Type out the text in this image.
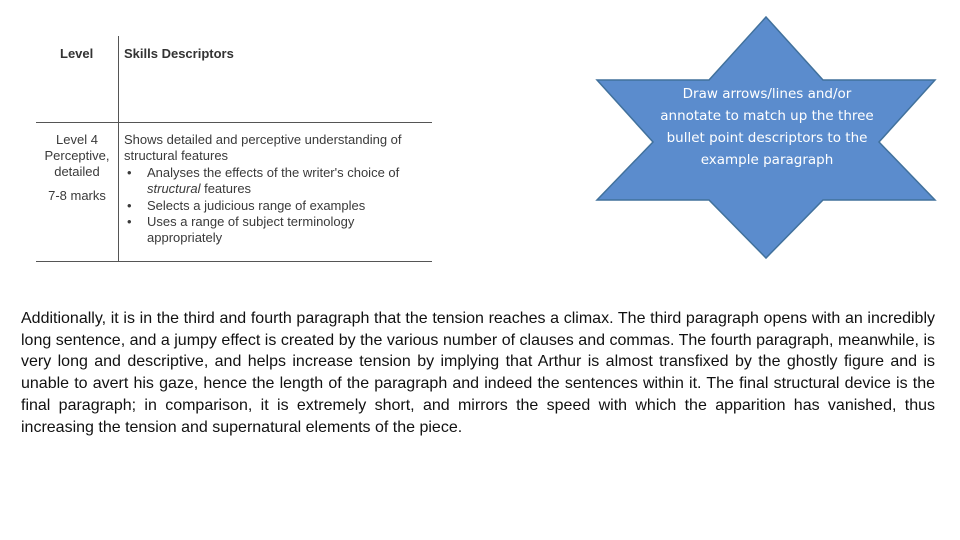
Level Skills Descriptors
Level 4
Perceptive,
detailed
7-8 marks
Shows detailed and perceptive understanding of structural features
• Analyses the effects of the writer's choice of structural features
• Selects a judicious range of examples
• Uses a range of subject terminology appropriately
Draw arrows/lines and/or annotate to match up the three bullet point descriptors to the example paragraph

Additionally, it is in the third and fourth paragraph that the tension reaches a climax. The third paragraph opens with an incredibly long sentence, and a jumpy effect is created by the various number of clauses and commas. The fourth paragraph, meanwhile, is very long and descriptive, and helps increase tension by implying that Arthur is almost transfixed by the ghostly figure and is unable to avert his gaze, hence the length of the paragraph and indeed the sentences within it. The final structural device is the final paragraph; in comparison, it is extremely short, and mirrors the speed with which the apparition has vanished, thus increasing the tension and supernatural elements of the piece.
